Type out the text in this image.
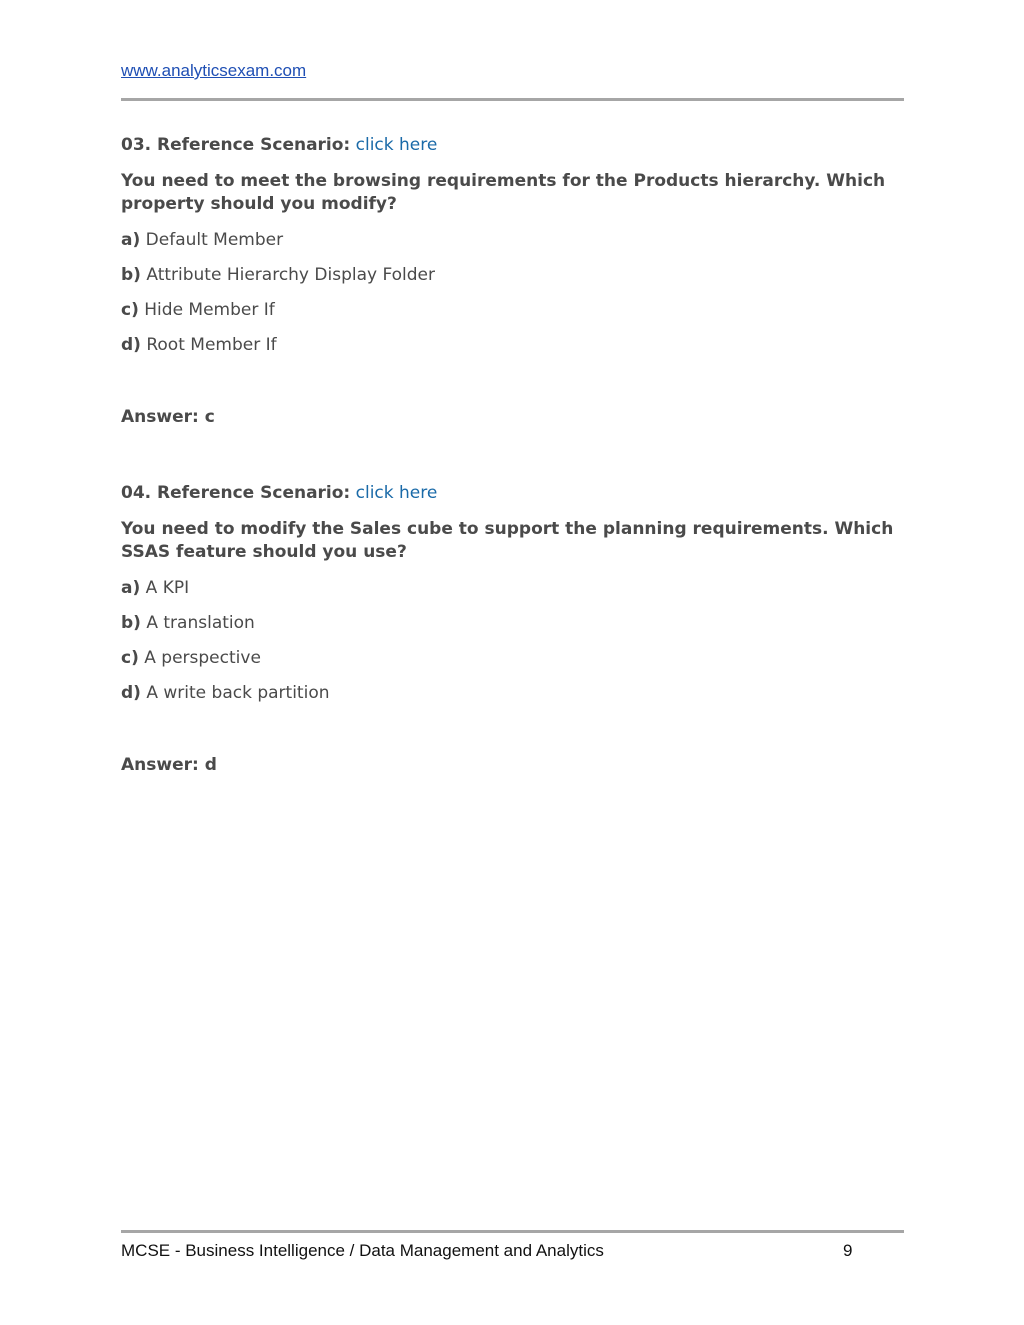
www.analyticsexam.com

03. Reference Scenario: click here

You need to meet the browsing requirements for the Products hierarchy. Which property should you modify?

a) Default Member

b) Attribute Hierarchy Display Folder

c) Hide Member If

d) Root Member If

Answer: c

04. Reference Scenario: click here

You need to modify the Sales cube to support the planning requirements. Which SSAS feature should you use?

a) A KPI

b) A translation

c) A perspective

d) A write back partition

Answer: d

MCSE - Business Intelligence / Data Management and Analytics	9
